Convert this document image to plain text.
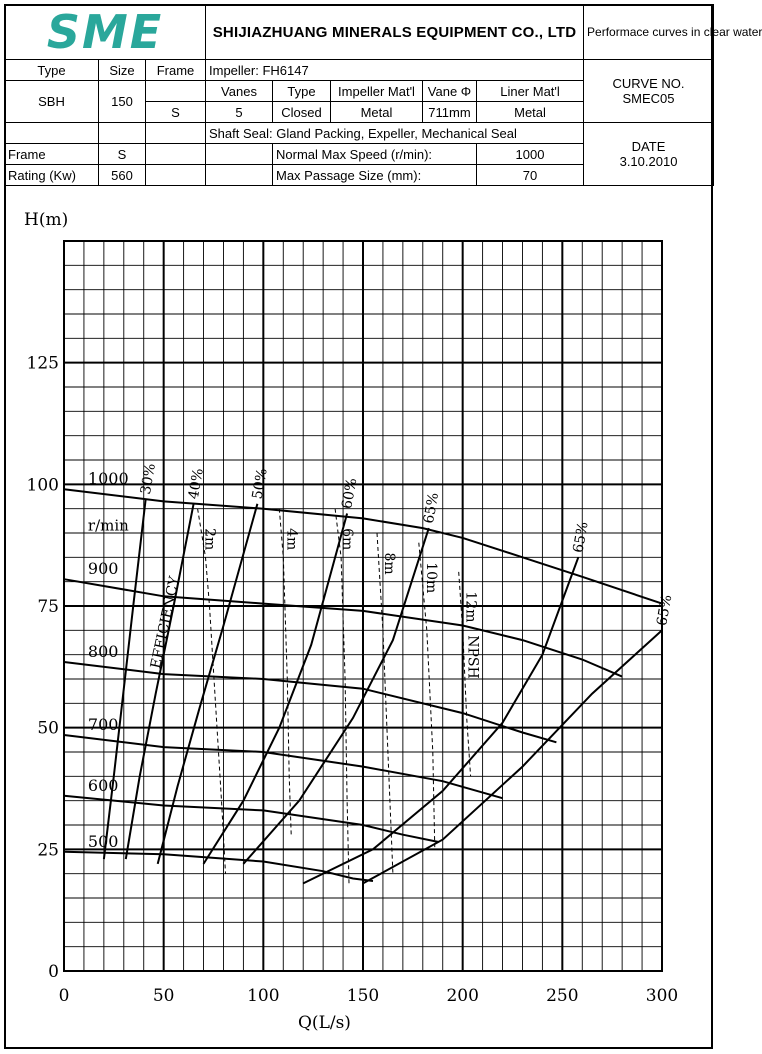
SME			SHIJIAZHUANG MINERALS EQUIPMENT CO., LTD					Performace curves in clear water
Type	Size	Frame	Impeller: FH6147					CURVE NO.
SMEC05

SBH	150		Vanes	Type	Impeller Mat'l	Vane Φ	Liner Mat'l	
		S	5	Closed	Metal	711mm	Metal	
			Shaft Seal: Gland Packing, Expeller, Mechanical Seal					DATE
3.10.2010

Frame	S			Normal Max Speed (r/min):			1000	
Rating (Kw)	560			Max Passage Size (mm):			70	
0	50	100	150	200	250	300
0
25
50
75
100
125
1000
900
800
700
600
500
r/min
30% 40%	50%	60%	65%
65%
65%
EFFICIENCY
2m	4m	6m
8m 10m
12m
NPSH
H(m)
Q(L/s)
